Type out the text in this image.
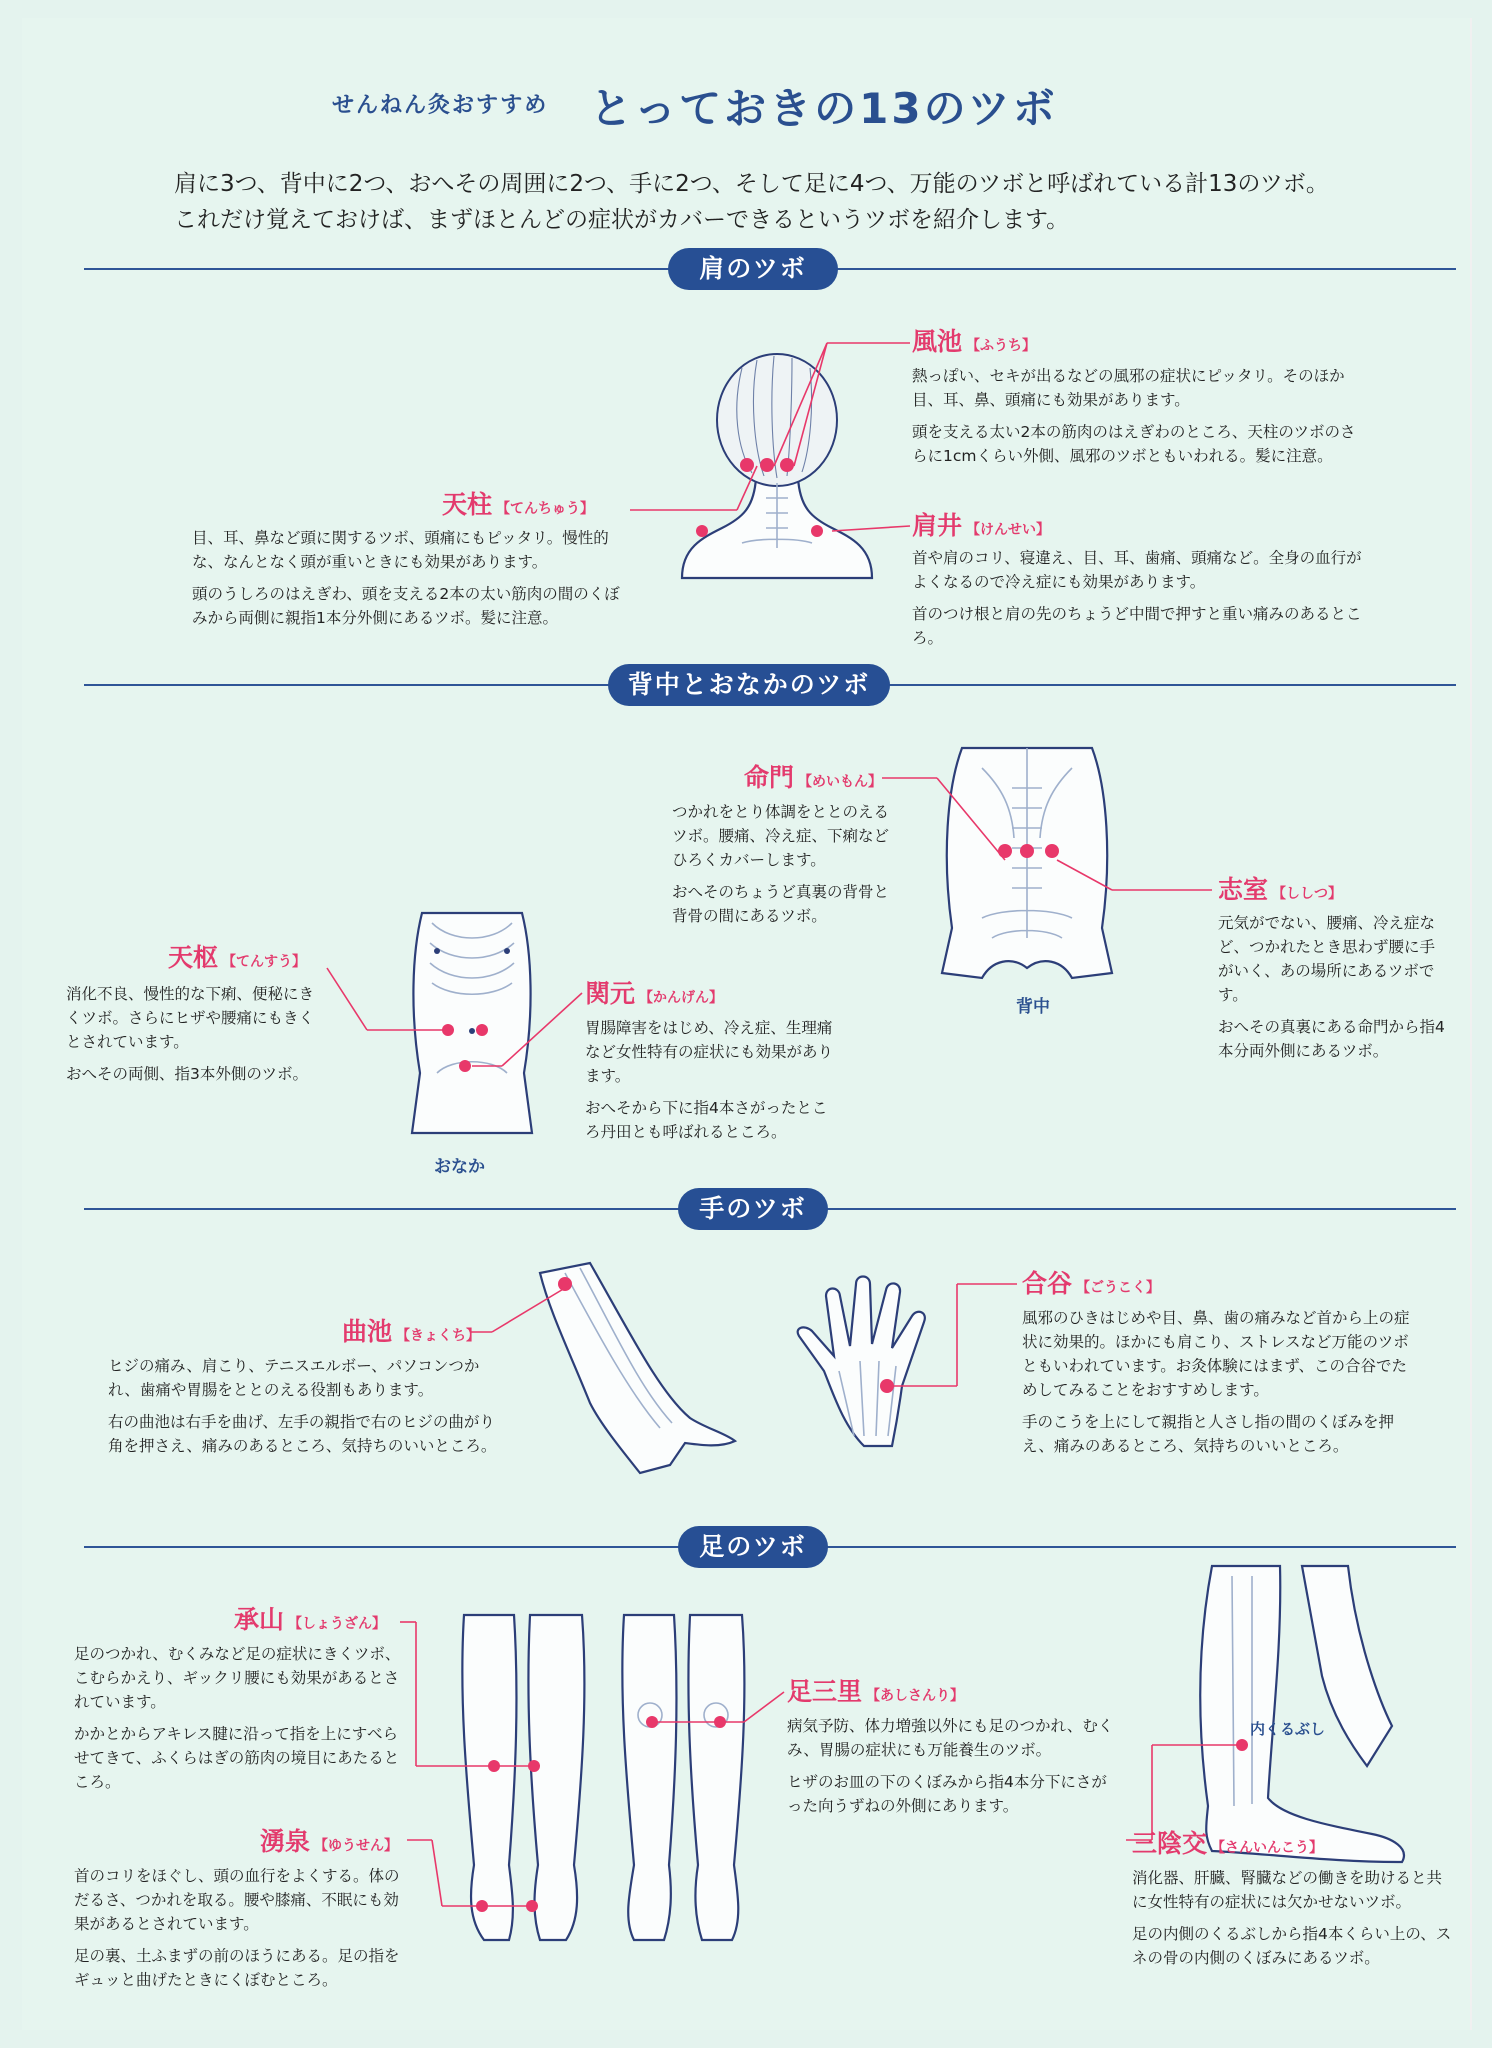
せんねん灸おすすめ とっておきの13のツボ
肩に3つ、背中に2つ、おへその周囲に2つ、手に2つ、そして足に4つ、万能のツボと呼ばれている計13のツボ。
これだけ覚えておけば、まずほとんどの症状がカバーできるというツボを紹介します。
肩のツボ
天柱 【てんちゅう】

目、耳、鼻など頭に関するツボ、頭痛にもピッタリ。慢性的な、なんとなく頭が重いときにも効果があります。

頭のうしろのはえぎわ、頭を支える2本の太い筋肉の間のくぼみから両側に親指1本分外側にあるツボ。髪に注意。

風池 【ふうち】

熱っぽい、セキが出るなどの風邪の症状にピッタリ。そのほか目、耳、鼻、頭痛にも効果があります。

頭を支える太い2本の筋肉のはえぎわのところ、天柱のツボのさらに1cmくらい外側、風邪のツボともいわれる。髪に注意。

肩井 【けんせい】

首や肩のコリ、寝違え、目、耳、歯痛、頭痛など。全身の血行がよくなるので冷え症にも効果があります。

首のつけ根と肩の先のちょうど中間で押すと重い痛みのあるところ。

背中とおなかのツボ
背中
おなか
命門 【めいもん】

つかれをとり体調をととのえるツボ。腰痛、冷え症、下痢などひろくカバーします。

おへそのちょうど真裏の背骨と背骨の間にあるツボ。

志室 【ししつ】

元気がでない、腰痛、冷え症など、つかれたとき思わず腰に手がいく、あの場所にあるツボです。

おへその真裏にある命門から指4本分両外側にあるツボ。

天枢 【てんすう】

消化不良、慢性的な下痢、便秘にきくツボ。さらにヒザや腰痛にもきくとされています。

おへその両側、指3本外側のツボ。

関元 【かんげん】

胃腸障害をはじめ、冷え症、生理痛など女性特有の症状にも効果があります。

おへそから下に指4本さがったところ丹田とも呼ばれるところ。

手のツボ
曲池 【きょくち】

ヒジの痛み、肩こり、テニスエルボー、パソコンつかれ、歯痛や胃腸をととのえる役割もあります。

右の曲池は右手を曲げ、左手の親指で右のヒジの曲がり角を押さえ、痛みのあるところ、気持ちのいいところ。

合谷 【ごうこく】

風邪のひきはじめや目、鼻、歯の痛みなど首から上の症状に効果的。ほかにも肩こり、ストレスなど万能のツボともいわれています。お灸体験にはまず、この合谷でためしてみることをおすすめします。

手のこうを上にして親指と人さし指の間のくぼみを押え、痛みのあるところ、気持ちのいいところ。

足のツボ
内くるぶし
承山 【しょうざん】

足のつかれ、むくみなど足の症状にきくツボ、こむらかえり、ギックリ腰にも効果があるとされています。

かかとからアキレス腱に沿って指を上にすべらせてきて、ふくらはぎの筋肉の境目にあたるところ。

湧泉 【ゆうせん】

首のコリをほぐし、頭の血行をよくする。体のだるさ、つかれを取る。腰や膝痛、不眠にも効果があるとされています。

足の裏、土ふまずの前のほうにある。足の指をギュッと曲げたときにくぼむところ。

足三里 【あしさんり】

病気予防、体力増強以外にも足のつかれ、むくみ、胃腸の症状にも万能養生のツボ。

ヒザのお皿の下のくぼみから指4本分下にさがった向うずねの外側にあります。

三陰交 【さんいんこう】

消化器、肝臓、腎臓などの働きを助けると共に女性特有の症状には欠かせないツボ。

足の内側のくるぶしから指4本くらい上の、スネの骨の内側のくぼみにあるツボ。
